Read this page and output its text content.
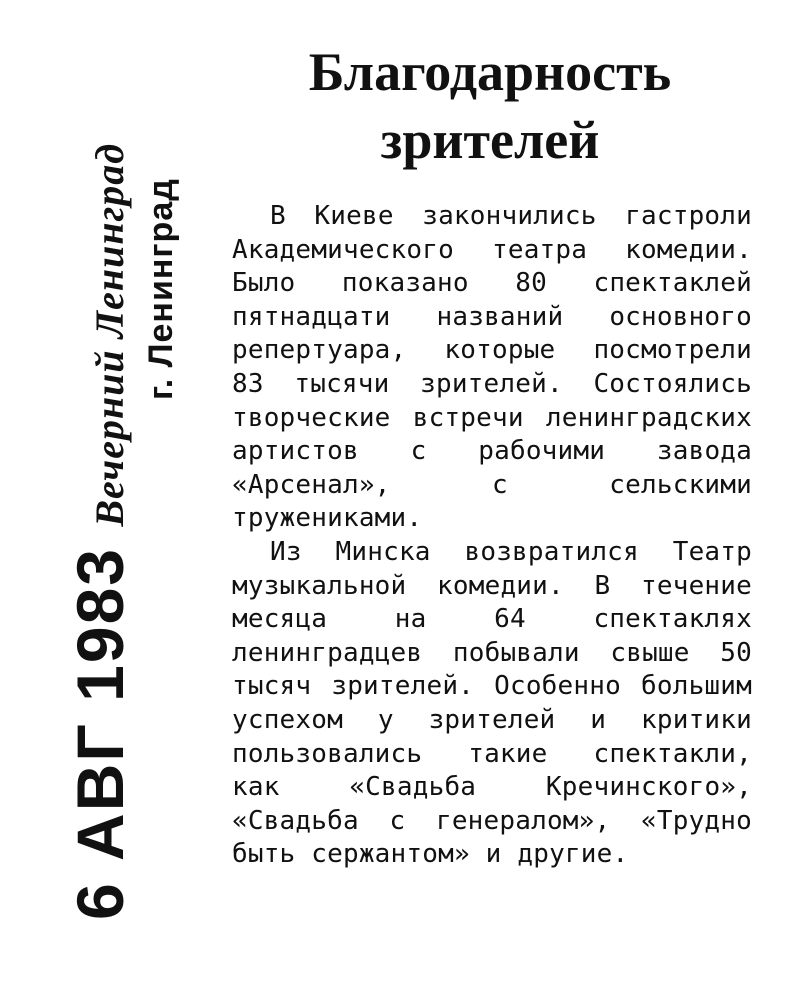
6 АВГ 1983 Вечерний Ленинград г. Ленинград
Благодарность
зрителей

В Киеве закончились гастроли Академического театра комедии. Было показано 80 спектаклей пятнадцати названий основного репертуара, которые посмотрели 83 тысячи зрителей. Состоялись творческие встречи ленинградских артистов с рабочими завода «Арсенал», с сельскими тружениками.

Из Минска возвратился Театр музыкальной комедии. В течение месяца на 64 спектаклях ленинградцев побывали свыше 50 тысяч зрителей. Особенно большим успехом у зрителей и критики пользовались такие спектакли, как «Свадьба Кречинского», «Свадьба с генералом», «Трудно быть сержантом» и другие.
